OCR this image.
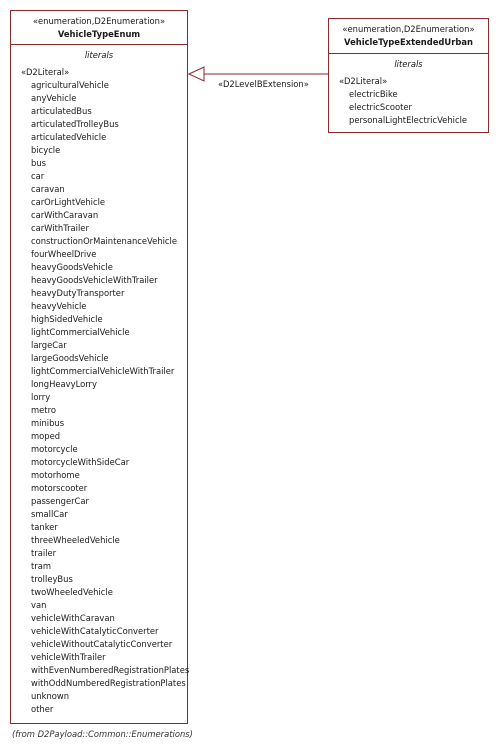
«enumeration,D2Enumeration»
VehicleTypeEnum
literals
«D2Literal»
agriculturalVehicle
anyVehicle
articulatedBus
articulatedTrolleyBus
articulatedVehicle
bicycle
bus
car
caravan
carOrLightVehicle
carWithCaravan
carWithTrailer
constructionOrMaintenanceVehicle
fourWheelDrive
heavyGoodsVehicle
heavyGoodsVehicleWithTrailer
heavyDutyTransporter
heavyVehicle
highSidedVehicle
lightCommercialVehicle
largeCar
largeGoodsVehicle
lightCommercialVehicleWithTrailer
longHeavyLorry
lorry
metro
minibus
moped
motorcycle
motorcycleWithSideCar
motorhome
motorscooter
passengerCar
smallCar
tanker
threeWheeledVehicle
trailer
tram
trolleyBus
twoWheeledVehicle
van
vehicleWithCaravan
vehicleWithCatalyticConverter
vehicleWithoutCatalyticConverter
vehicleWithTrailer
withEvenNumberedRegistrationPlates
withOddNumberedRegistrationPlates
unknown
other
«enumeration,D2Enumeration»
VehicleTypeExtendedUrban
literals
«D2Literal»
electricBike
electricScooter
personalLightElectricVehicle
«D2LevelBExtension»
(from D2Payload::Common::Enumerations)
